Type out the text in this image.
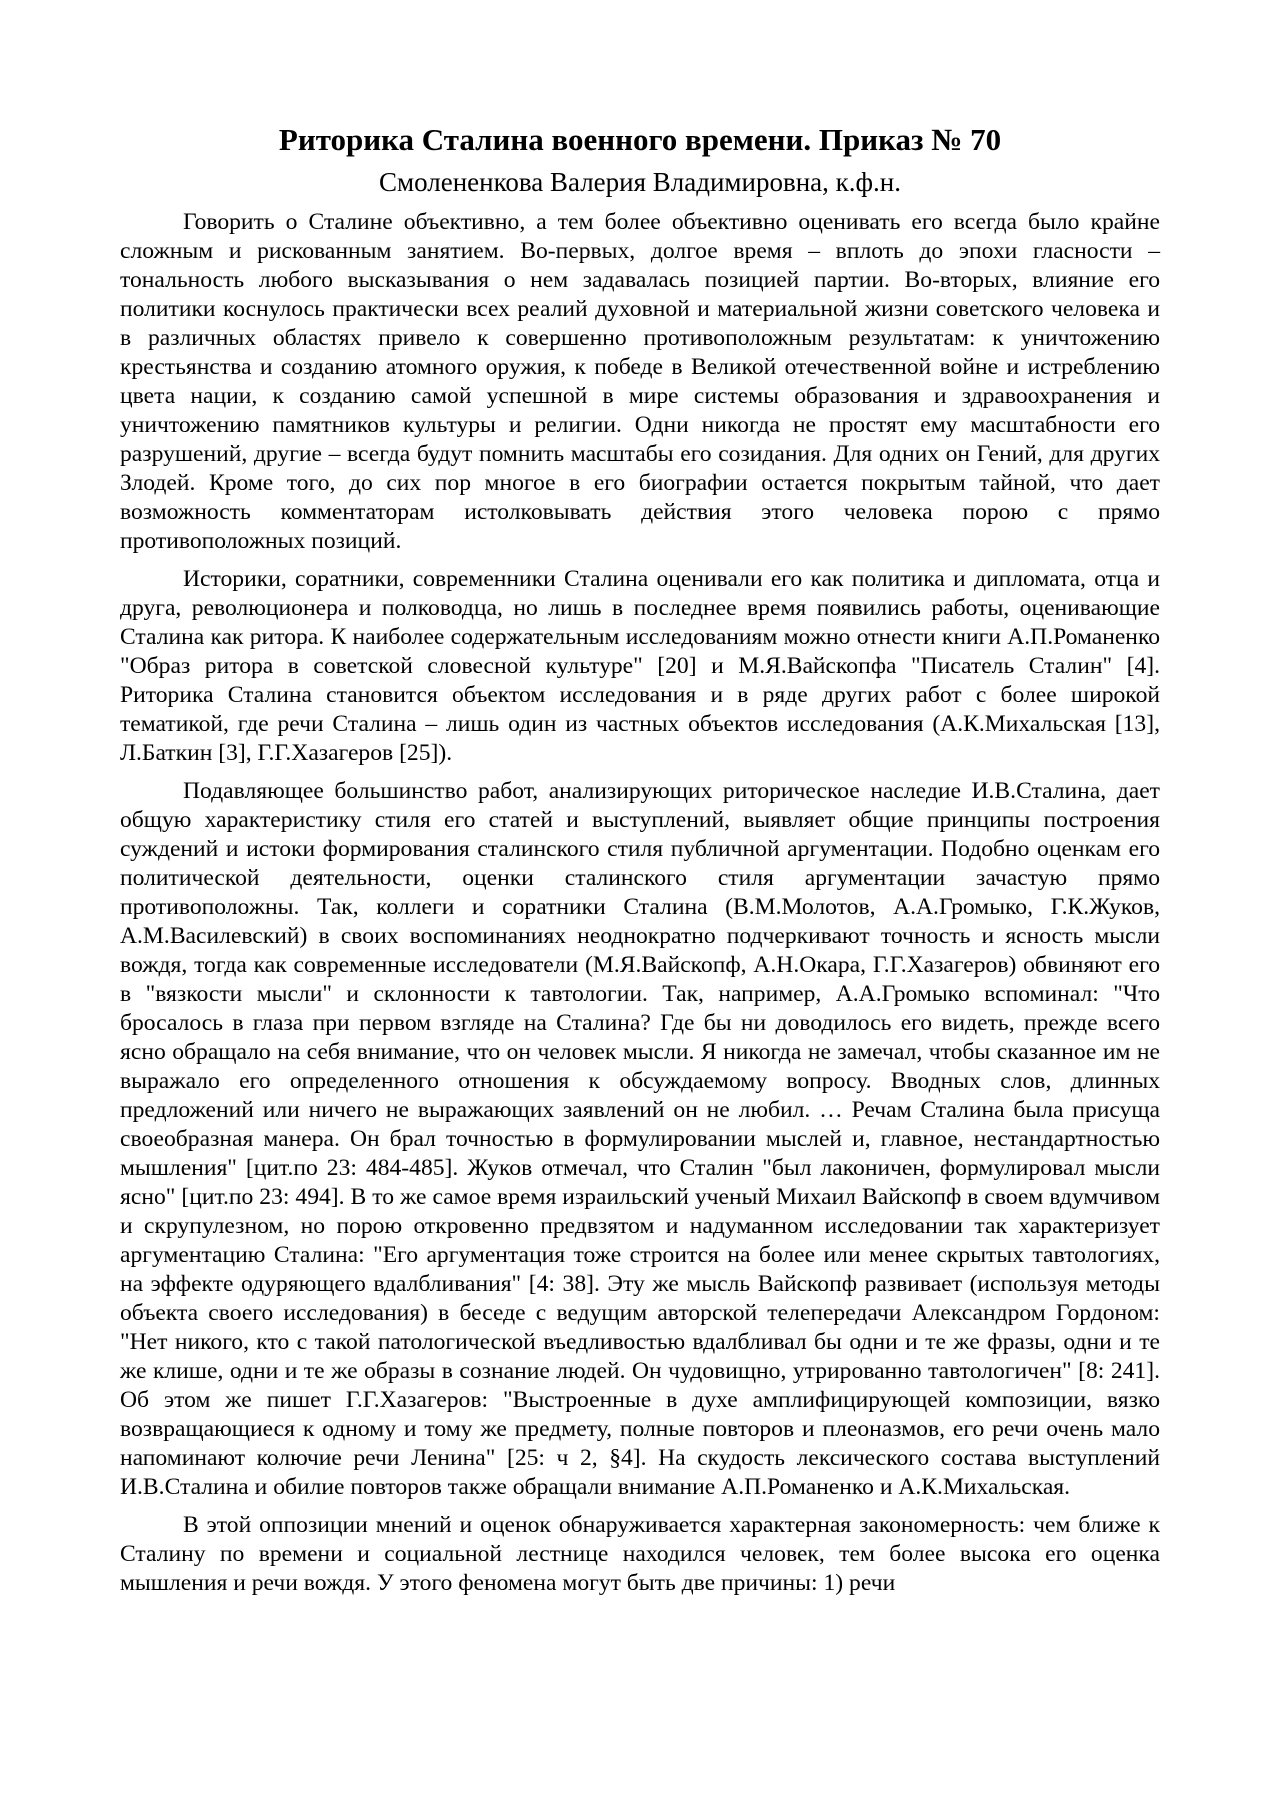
Риторика Сталина военного времени. Приказ № 70
Смолененкова Валерия Владимировна, к.ф.н.

Говорить о Сталине объективно, а тем более объективно оценивать его всегда было крайне сложным и рискованным занятием. Во-первых, долгое время – вплоть до эпохи гласности – тональность любого высказывания о нем задавалась позицией партии. Во-вторых, влияние его политики коснулось практически всех реалий духовной и материальной жизни советского человека и в различных областях привело к совершенно противоположным результатам: к уничтожению крестьянства и созданию атомного оружия, к победе в Великой отечественной войне и истреблению цвета нации, к созданию самой успешной в мире системы образования и здравоохранения и уничтожению памятников культуры и религии. Одни никогда не простят ему масштабности его разрушений, другие – всегда будут помнить масштабы его созидания. Для одних он Гений, для других Злодей. Кроме того, до сих пор многое в его биографии остается покрытым тайной, что дает возможность комментаторам истолковывать действия этого человека порою с прямо противоположных позиций.

Историки, соратники, современники Сталина оценивали его как политика и дипломата, отца и друга, революционера и полководца, но лишь в последнее время появились работы, оценивающие Сталина как ритора. К наиболее содержательным исследованиям можно отнести книги А.П.Романенко "Образ ритора в советской словесной культуре" [20] и М.Я.Вайскопфа "Писатель Сталин" [4]. Риторика Сталина становится объектом исследования и в ряде других работ с более широкой тематикой, где речи Сталина – лишь один из частных объектов исследования (А.К.Михальская [13], Л.Баткин [3], Г.Г.Хазагеров [25]).

Подавляющее большинство работ, анализирующих риторическое наследие И.В.Сталина, дает общую характеристику стиля его статей и выступлений, выявляет общие принципы построения суждений и истоки формирования сталинского стиля публичной аргументации. Подобно оценкам его политической деятельности, оценки сталинского стиля аргументации зачастую прямо противоположны. Так, коллеги и соратники Сталина (В.М.Молотов, А.А.Громыко, Г.К.Жуков, А.М.Василевский) в своих воспоминаниях неоднократно подчеркивают точность и ясность мысли вождя, тогда как современные исследователи (М.Я.Вайскопф, А.Н.Окара, Г.Г.Хазагеров) обвиняют его в "вязкости мысли" и склонности к тавтологии. Так, например, А.А.Громыко вспоминал: "Что бросалось в глаза при первом взгляде на Сталина? Где бы ни доводилось его видеть, прежде всего ясно обращало на себя внимание, что он человек мысли. Я никогда не замечал, чтобы сказанное им не выражало его определенного отношения к обсуждаемому вопросу. Вводных слов, длинных предложений или ничего не выражающих заявлений он не любил. … Речам Сталина была присуща своеобразная манера. Он брал точностью в формулировании мыслей и, главное, нестандартностью мышления" [цит.по 23: 484-485]. Жуков отмечал, что Сталин "был лаконичен, формулировал мысли ясно" [цит.по 23: 494]. В то же самое время израильский ученый Михаил Вайскопф в своем вдумчивом и скрупулезном, но порою откровенно предвзятом и надуманном исследовании так характеризует аргументацию Сталина: "Его аргументация тоже строится на более или менее скрытых тавтологиях, на эффекте одуряющего вдалбливания" [4: 38]. Эту же мысль Вайскопф развивает (используя методы объекта своего исследования) в беседе с ведущим авторской телепередачи Александром Гордоном: "Нет никого, кто с такой патологической въедливостью вдалбливал бы одни и те же фразы, одни и те же клише, одни и те же образы в сознание людей. Он чудовищно, утрированно тавтологичен" [8: 241]. Об этом же пишет Г.Г.Хазагеров: "Выстроенные в духе амплифицирующей композиции, вязко возвращающиеся к одному и тому же предмету, полные повторов и плеоназмов, его речи очень мало напоминают колючие речи Ленина" [25: ч 2, §4]. На скудость лексического состава выступлений И.В.Сталина и обилие повторов также обращали внимание А.П.Романенко и А.К.Михальская.

В этой оппозиции мнений и оценок обнаруживается характерная закономерность: чем ближе к Сталину по времени и социальной лестнице находился человек, тем более высока его оценка мышления и речи вождя. У этого феномена могут быть две причины: 1) речи
